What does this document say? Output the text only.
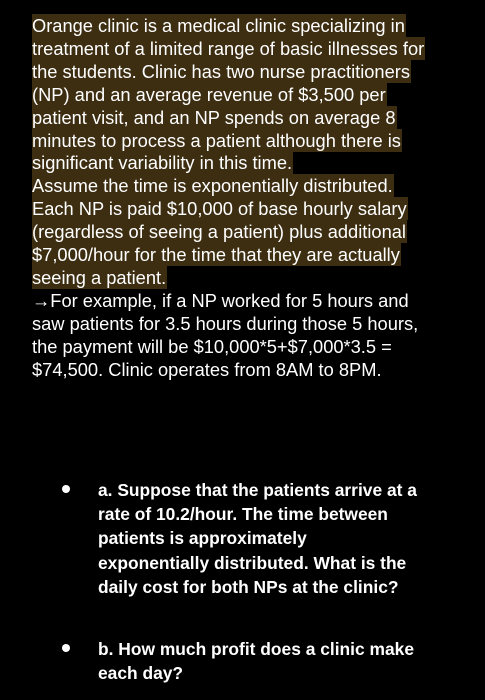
Orange clinic is a medical clinic specializing in
treatment of a limited range of basic illnesses for
the students. Clinic has two nurse practitioners
(NP) and an average revenue of $3,500 per
patient visit, and an NP spends on average 8
minutes to process a patient although there is
significant variability in this time.
Assume the time is exponentially distributed.
Each NP is paid $10,000 of base hourly salary
(regardless of seeing a patient) plus additional
$7,000/hour for the time that they are actually
seeing a patient.
→For example, if a NP worked for 5 hours and
saw patients for 3.5 hours during those 5 hours,
the payment will be $10,000*5+$7,000*3.5 =
$74,500. Clinic operates from 8AM to 8PM.
a. Suppose that the patients arrive at a
rate of 10.2/hour. The time between
patients is approximately
exponentially distributed. What is the
daily cost for both NPs at the clinic?
b. How much profit does a clinic make
each day?
